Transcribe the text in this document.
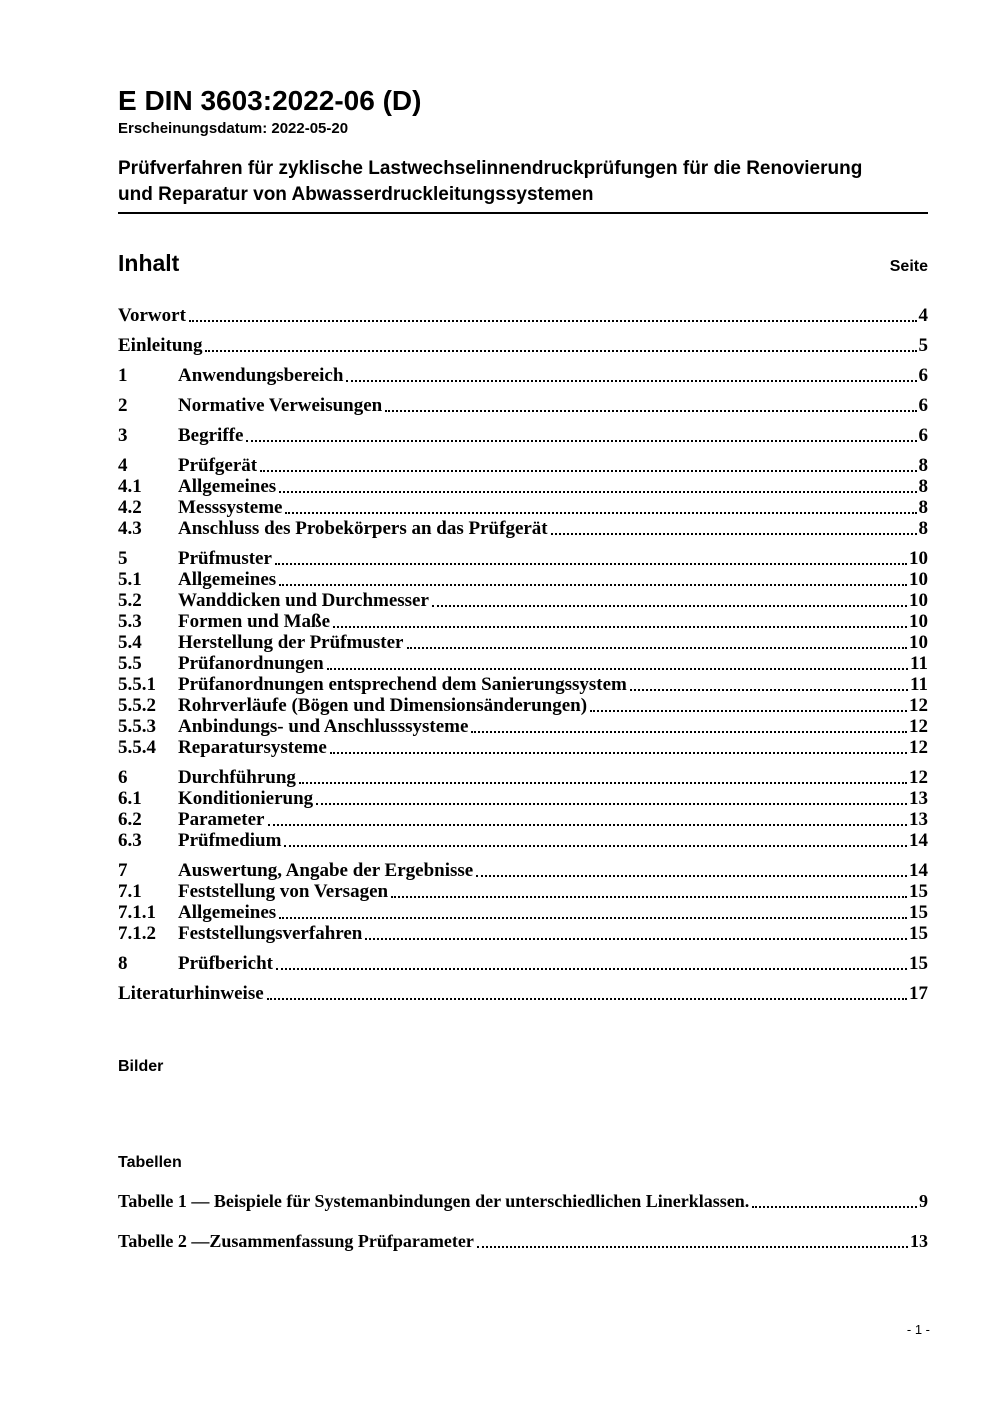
E DIN 3603:2022-06 (D)
Erscheinungsdatum: 2022-05-20
Prüfverfahren für zyklische Lastwechselinnendruckprüfungen für die Renovierung und Reparatur von Abwasserdruckleitungssystemen
Inhalt	Seite
Vorwort	4
Einleitung	5
1	Anwendungsbereich	6
2	Normative Verweisungen	6
3	Begriffe	6
4	Prüfgerät	8
4.1	Allgemeines	8
4.2	Messsysteme	8
4.3	Anschluss des Probekörpers an das Prüfgerät	8
5	Prüfmuster	10
5.1	Allgemeines	10
5.2	Wanddicken und Durchmesser	10
5.3	Formen und Maße	10
5.4	Herstellung der Prüfmuster	10
5.5	Prüfanordnungen	11
5.5.1	Prüfanordnungen entsprechend dem Sanierungssystem	11
5.5.2	Rohrverläufe (Bögen und Dimensionsänderungen)	12
5.5.3	Anbindungs- und Anschlusssysteme	12
5.5.4	Reparatursysteme	12
6	Durchführung	12
6.1	Konditionierung	13
6.2	Parameter	13
6.3	Prüfmedium	14
7	Auswertung, Angabe der Ergebnisse	14
7.1	Feststellung von Versagen	15
7.1.1	Allgemeines	15
7.1.2	Feststellungsverfahren	15
8	Prüfbericht	15
Literaturhinweise	17
Bilder
Tabellen
Tabelle 1 — Beispiele für Systemanbindungen der unterschiedlichen Linerklassen.	9
Tabelle 2 —Zusammenfassung Prüfparameter	13
- 1 -
